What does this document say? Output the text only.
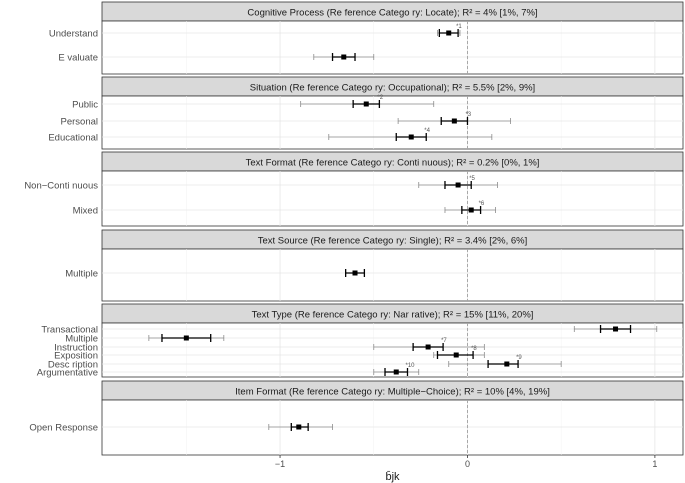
Cognitive Process (Re ference Catego ry: Locate); R² = 4% [1%, 7%]
Understand
*1
E valuate
Situation (Re ference Catego ry: Occupational); R² = 5.5% [2%, 9%]
Public
*2
Personal
*3
Educational
*4
Text Format (Re ference Catego ry: Conti nuous); R² = 0.2% [0%, 1%]
Non−Conti nuous
*5
Mixed
*6
Text Source (Re ference Catego ry: Single); R² = 3.4% [2%, 6%]
Multiple
Text Type (Re ference Catego ry: Nar rative); R² = 15% [11%, 20%]
Transactional
Multiple
Instruction
*7
Exposition
*8
Desc ription
*9
Argumentative
*10
Item Format (Re ference Catego ry: Multiple−Choice); R² = 10% [4%, 19%]
Open Response
−1	0	1
b̄jk
